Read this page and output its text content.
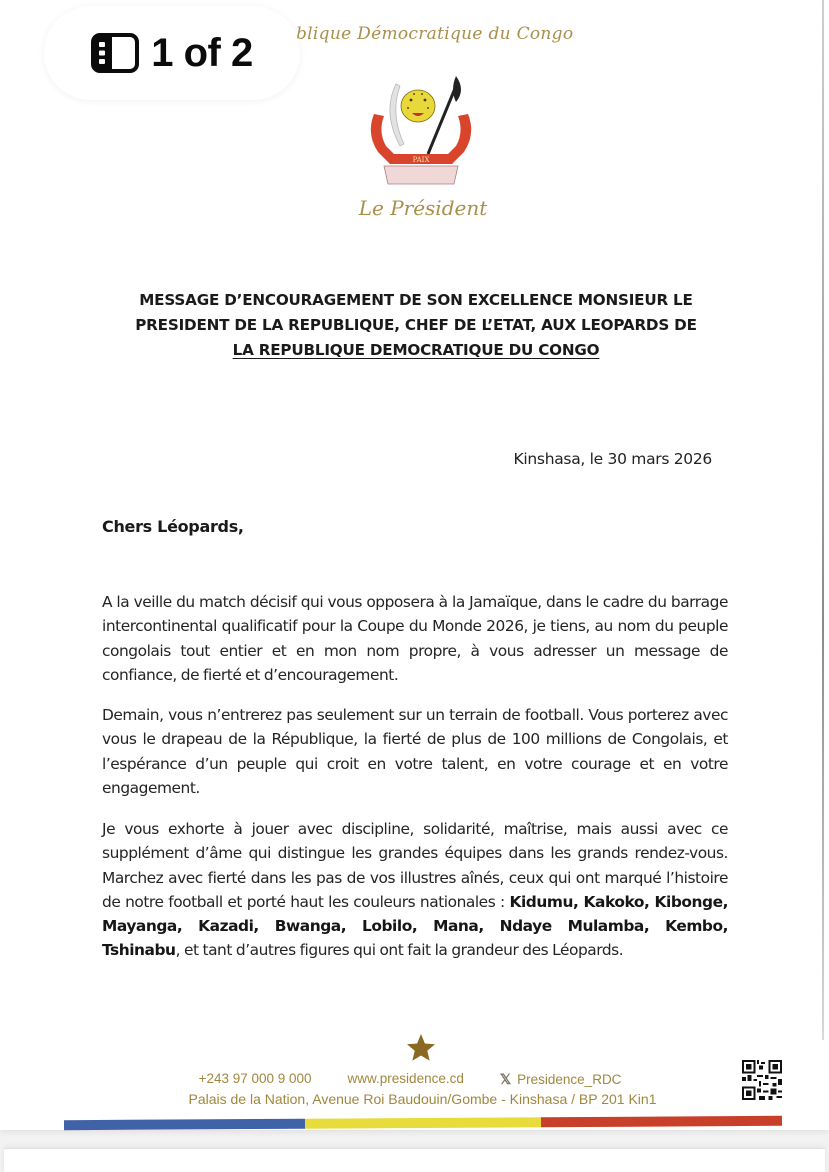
blique Démocratique du Congo
PAIX
Le Président
MESSAGE D’ENCOURAGEMENT DE SON EXCELLENCE MONSIEUR LE
PRESIDENT DE LA REPUBLIQUE, CHEF DE L’ETAT, AUX LEOPARDS DE
LA REPUBLIQUE DEMOCRATIQUE DU CONGO
Kinshasa, le 30 mars 2026
Chers Léopards,

A la veille du match décisif qui vous opposera à la Jamaïque, dans le cadre du barrage intercontinental qualificatif pour la Coupe du Monde 2026, je tiens, au nom du peuple congolais tout entier et en mon nom propre, à vous adresser un message de confiance, de fierté et d’encouragement.

Demain, vous n’entrerez pas seulement sur un terrain de football. Vous porterez avec vous le drapeau de la République, la fierté de plus de 100 millions de Congolais, et l’espérance d’un peuple qui croit en votre talent, en votre courage et en votre engagement.

Je vous exhorte à jouer avec discipline, solidarité, maîtrise, mais aussi avec ce supplément d’âme qui distingue les grandes équipes dans les grands rendez-vous. Marchez avec fierté dans les pas de vos illustres aînés, ceux qui ont marqué l’histoire de notre football et porté haut les couleurs nationales : Kidumu, Kakoko, Kibonge, Mayanga, Kazadi, Bwanga, Lobilo, Mana, Ndaye Mulamba, Kembo, Tshinabu, et tant d’autres figures qui ont fait la grandeur des Léopards.

+243 97 000 9 000	www.presidence.cd	𝕏 Presidence_RDC
Palais de la Nation, Avenue Roi Baudouin/Gombe - Kinshasa / BP 201 Kin1
1 of 2
